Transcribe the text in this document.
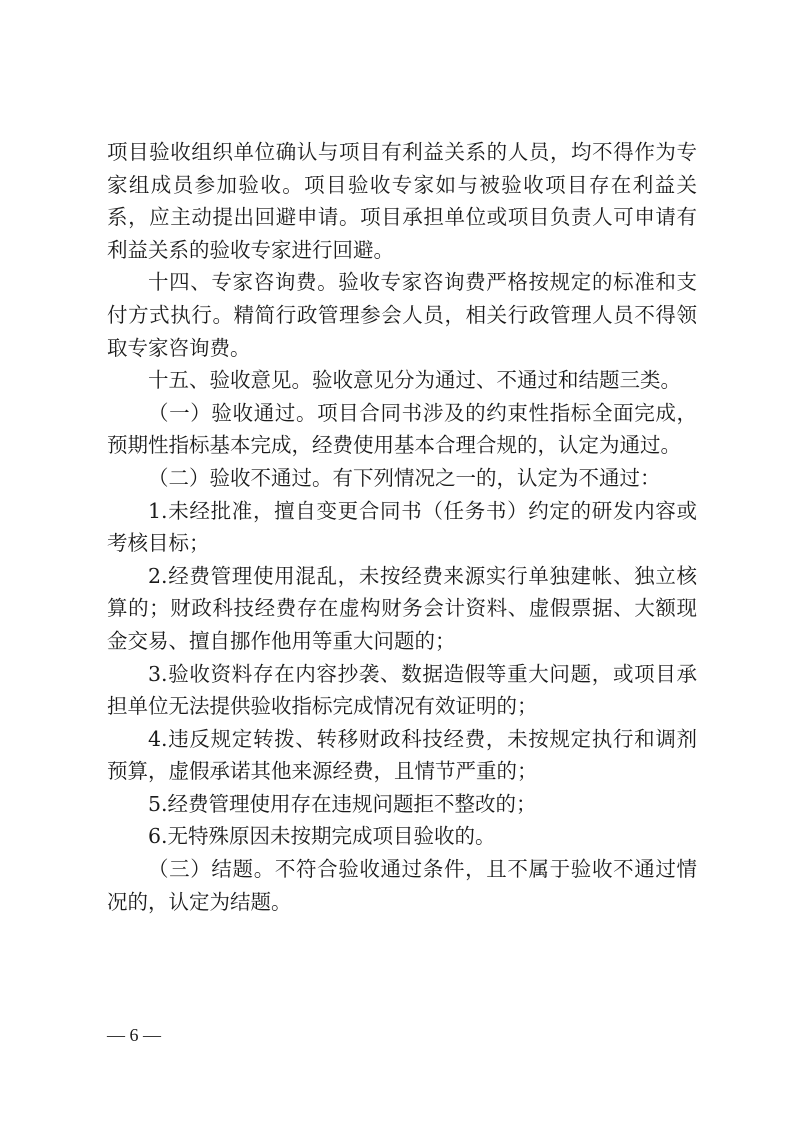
项目验收组织单位确认与项目有利益关系的人员，均不得作为专
家组成员参加验收。项目验收专家如与被验收项目存在利益关
系，应主动提出回避申请。项目承担单位或项目负责人可申请有
利益关系的验收专家进行回避。
十四、专家咨询费。验收专家咨询费严格按规定的标准和支
付方式执行。精简行政管理参会人员，相关行政管理人员不得领
取专家咨询费。
十五、验收意见。验收意见分为通过、不通过和结题三类。
（一）验收通过。项目合同书涉及的约束性指标全面完成，
预期性指标基本完成，经费使用基本合理合规的，认定为通过。
（二）验收不通过。有下列情况之一的，认定为不通过：
1.未经批准，擅自变更合同书（任务书）约定的研发内容或
考核目标；
2.经费管理使用混乱，未按经费来源实行单独建帐、独立核
算的；财政科技经费存在虚构财务会计资料、虚假票据、大额现
金交易、擅自挪作他用等重大问题的；
3.验收资料存在内容抄袭、数据造假等重大问题，或项目承
担单位无法提供验收指标完成情况有效证明的；
4.违反规定转拨、转移财政科技经费，未按规定执行和调剂
预算，虚假承诺其他来源经费，且情节严重的；
5.经费管理使用存在违规问题拒不整改的；
6.无特殊原因未按期完成项目验收的。
（三）结题。不符合验收通过条件，且不属于验收不通过情
况的，认定为结题。
— 6 —
